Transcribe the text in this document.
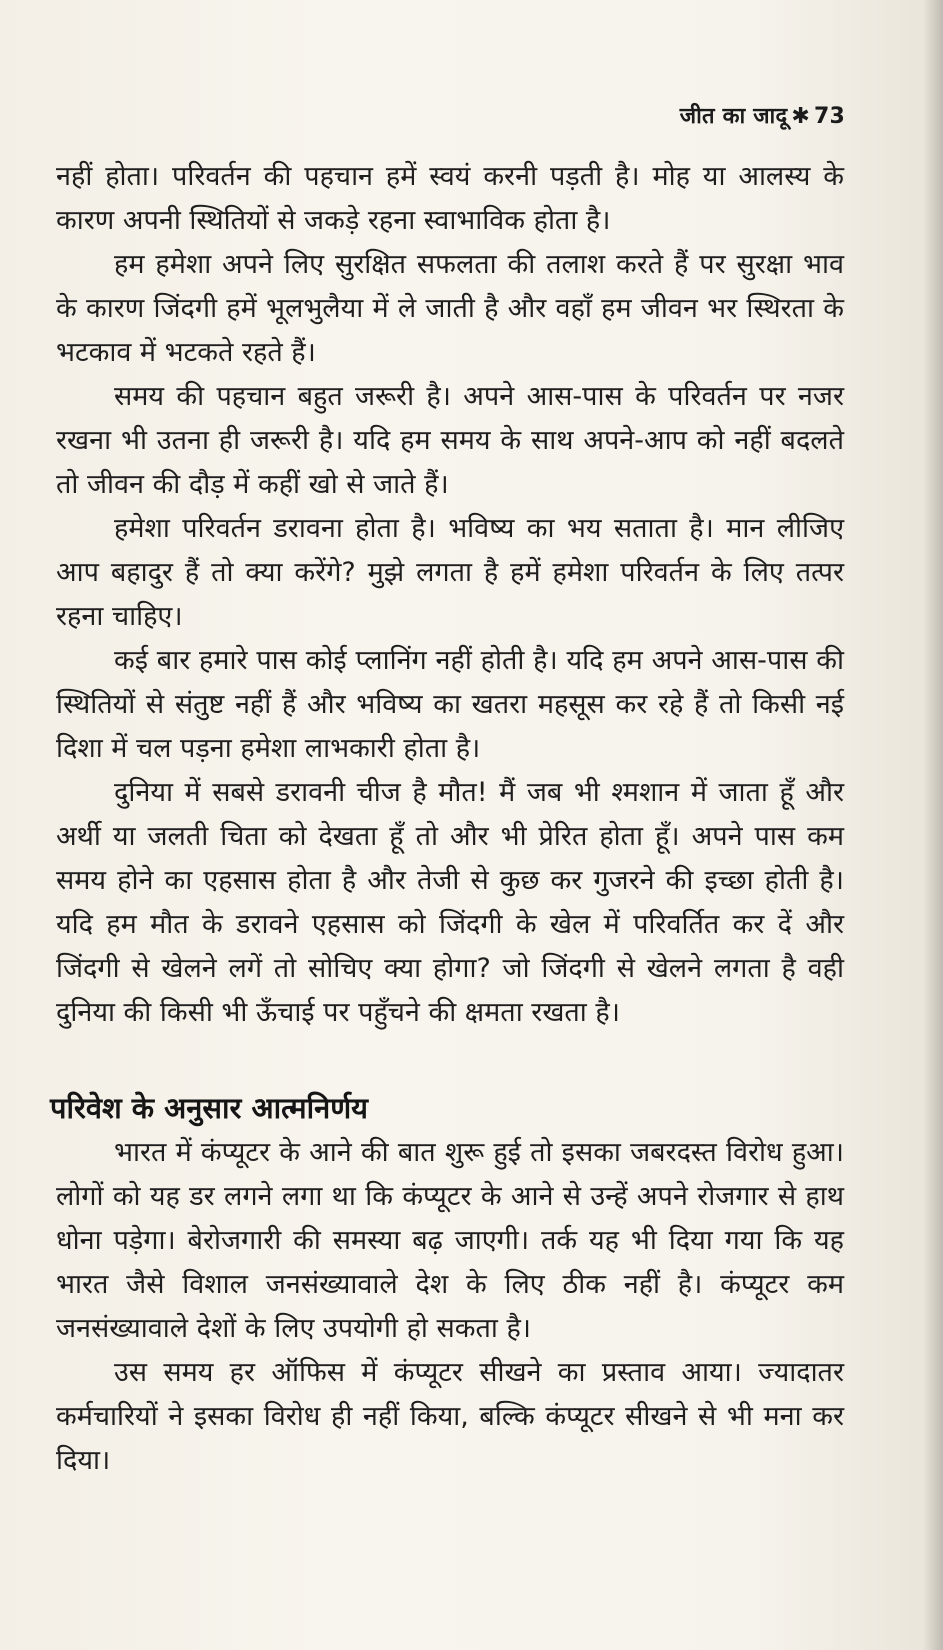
जीत का जादू ✱ 73

नहीं होता। परिवर्तन की पहचान हमें स्वयं करनी पड़ती है। मोह या आलस्य के कारण अपनी स्थितियों से जकड़े रहना स्वाभाविक होता है।

हम हमेशा अपने लिए सुरक्षित सफलता की तलाश करते हैं पर सुरक्षा भाव के कारण जिंदगी हमें भूलभुलैया में ले जाती है और वहाँ हम जीवन भर स्थिरता के भटकाव में भटकते रहते हैं।

समय की पहचान बहुत जरूरी है। अपने आस-पास के परिवर्तन पर नजर रखना भी उतना ही जरूरी है। यदि हम समय के साथ अपने-आप को नहीं बदलते तो जीवन की दौड़ में कहीं खो से जाते हैं।

हमेशा परिवर्तन डरावना होता है। भविष्य का भय सताता है। मान लीजिए आप बहादुर हैं तो क्या करेंगे? मुझे लगता है हमें हमेशा परिवर्तन के लिए तत्पर रहना चाहिए।

कई बार हमारे पास कोई प्लानिंग नहीं होती है। यदि हम अपने आस-पास की स्थितियों से संतुष्ट नहीं हैं और भविष्य का खतरा महसूस कर रहे हैं तो किसी नई दिशा में चल पड़ना हमेशा लाभकारी होता है।

दुनिया में सबसे डरावनी चीज है मौत! मैं जब भी श्मशान में जाता हूँ और अर्थी या जलती चिता को देखता हूँ तो और भी प्रेरित होता हूँ। अपने पास कम समय होने का एहसास होता है और तेजी से कुछ कर गुजरने की इच्छा होती है। यदि हम मौत के डरावने एहसास को जिंदगी के खेल में परिवर्तित कर दें और जिंदगी से खेलने लगें तो सोचिए क्या होगा? जो जिंदगी से खेलने लगता है वही दुनिया की किसी भी ऊँचाई पर पहुँचने की क्षमता रखता है।

परिवेश के अनुसार आत्मनिर्णय

भारत में कंप्यूटर के आने की बात शुरू हुई तो इसका जबरदस्त विरोध हुआ। लोगों को यह डर लगने लगा था कि कंप्यूटर के आने से उन्हें अपने रोजगार से हाथ धोना पड़ेगा। बेरोजगारी की समस्या बढ़ जाएगी। तर्क यह भी दिया गया कि यह भारत जैसे विशाल जनसंख्यावाले देश के लिए ठीक नहीं है। कंप्यूटर कम जनसंख्यावाले देशों के लिए उपयोगी हो सकता है।

उस समय हर ऑफिस में कंप्यूटर सीखने का प्रस्ताव आया। ज्यादातर कर्मचारियों ने इसका विरोध ही नहीं किया, बल्कि कंप्यूटर सीखने से भी मना कर दिया।
